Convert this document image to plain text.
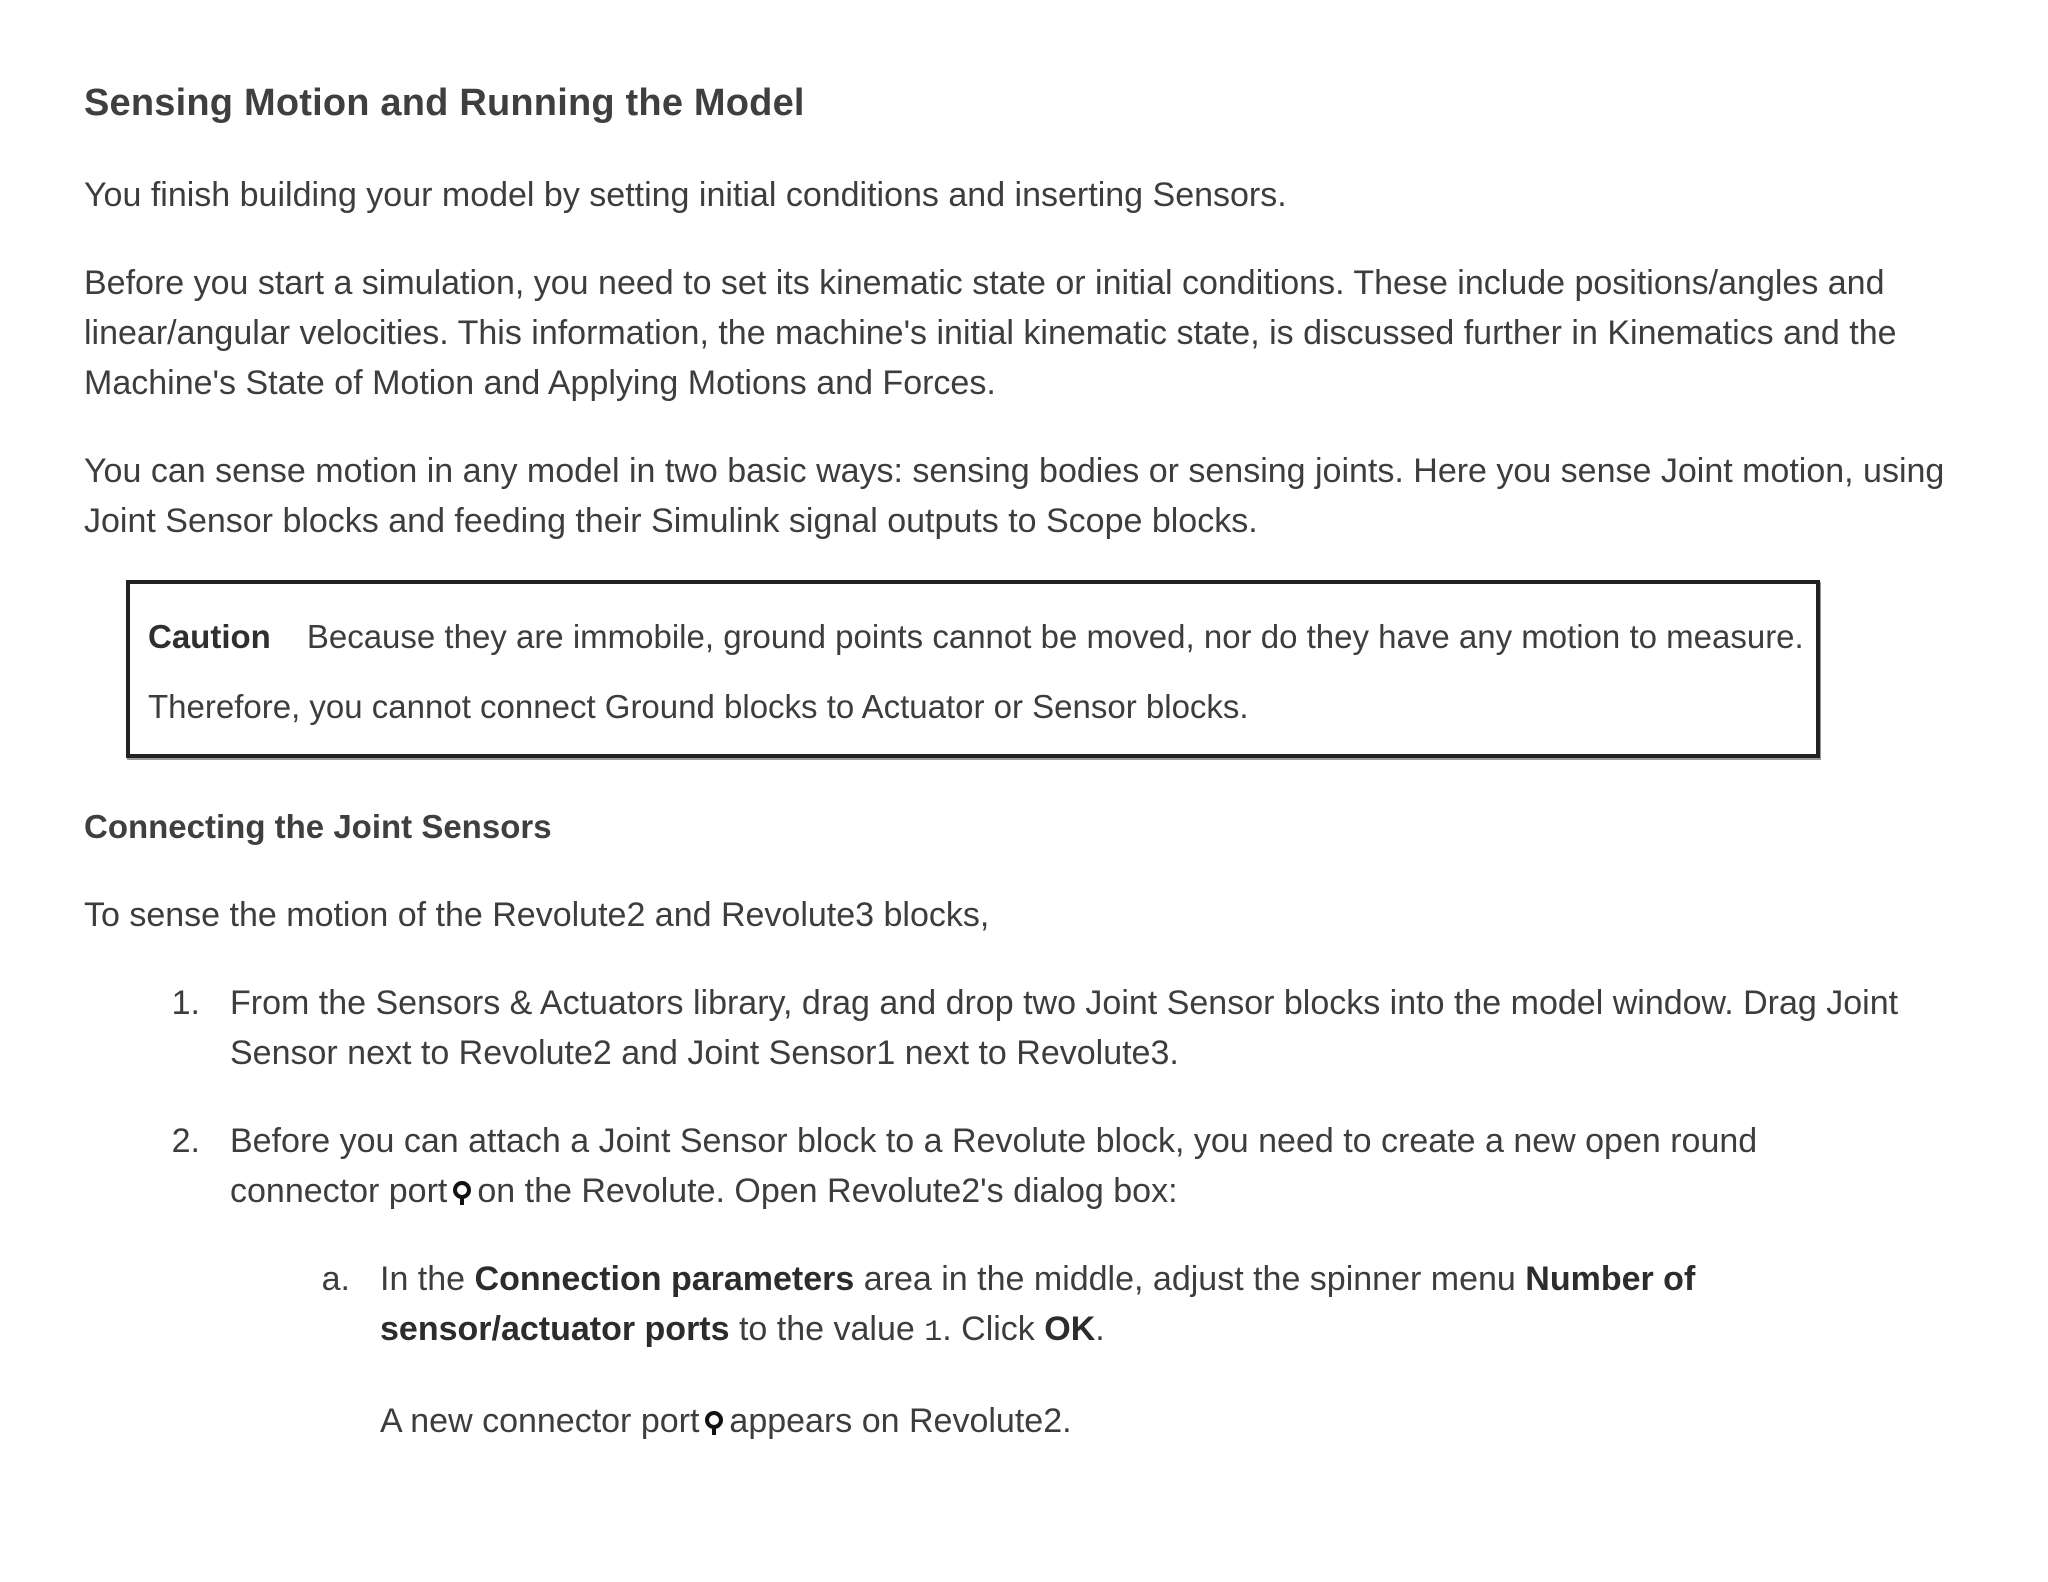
Sensing Motion and Running the Model
You finish building your model by setting initial conditions and inserting Sensors.
Before you start a simulation, you need to set its kinematic state or initial conditions. These include positions/angles and linear/angular velocities. This information, the machine's initial kinematic state, is discussed further in Kinematics and the Machine's State of Motion and Applying Motions and Forces.
You can sense motion in any model in two basic ways: sensing bodies or sensing joints. Here you sense Joint motion, using Joint Sensor blocks and feeding their Simulink signal outputs to Scope blocks.
Caution Because they are immobile, ground points cannot be moved, nor do they have any motion to measure.
Therefore, you cannot connect Ground blocks to Actuator or Sensor blocks.
Connecting the Joint Sensors
To sense the motion of the Revolute2 and Revolute3 blocks,
1. From the Sensors & Actuators library, drag and drop two Joint Sensor blocks into the model window. Drag Joint Sensor next to Revolute2 and Joint Sensor1 next to Revolute3.
2. Before you can attach a Joint Sensor block to a Revolute block, you need to create a new open round connector port on the Revolute. Open Revolute2's dialog box:
a. In the Connection parameters area in the middle, adjust the spinner menu Number of sensor/actuator ports to the value 1. Click OK.
A new connector port appears on Revolute2.
